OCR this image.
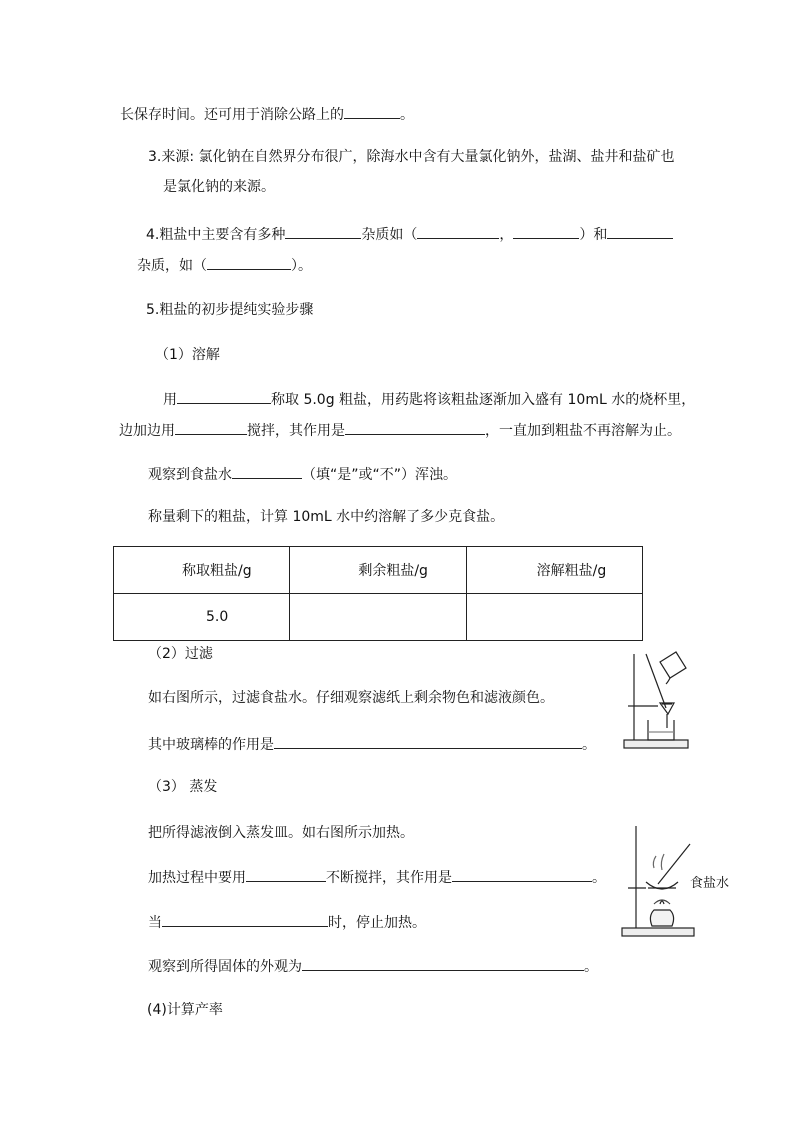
长保存时间。还可用于消除公路上的	。
3.来源: 氯化钠在自然界分布很广，除海水中含有大量氯化钠外，盐湖、盐井和盐矿也
是氯化钠的来源。
4.粗盐中主要含有多种	杂质如（	，	）和
杂质，如（	）。
5.粗盐的初步提纯实验步骤
（1）溶解
用	称取 5.0g 粗盐，用药匙将该粗盐逐渐加入盛有 10mL 水的烧杯里，
边加边用	搅拌，其作用是	，一直加到粗盐不再溶解为止。
观察到食盐水	（填“是”或“不”）浑浊。
称量剩下的粗盐，计算 10mL 水中约溶解了多少克食盐。
称取粗盐/g	剩余粗盐/g	溶解粗盐/g
5.0		
（2）过滤
如右图所示，过滤食盐水。仔细观察滤纸上剩余物色和滤液颜色。
其中玻璃棒的作用是	。
（3） 蒸发
把所得滤液倒入蒸发皿。如右图所示加热。
加热过程中要用	不断搅拌，其作用是	。
当	时，停止加热。
观察到所得固体的外观为	。
食盐水
(4)计算产率
